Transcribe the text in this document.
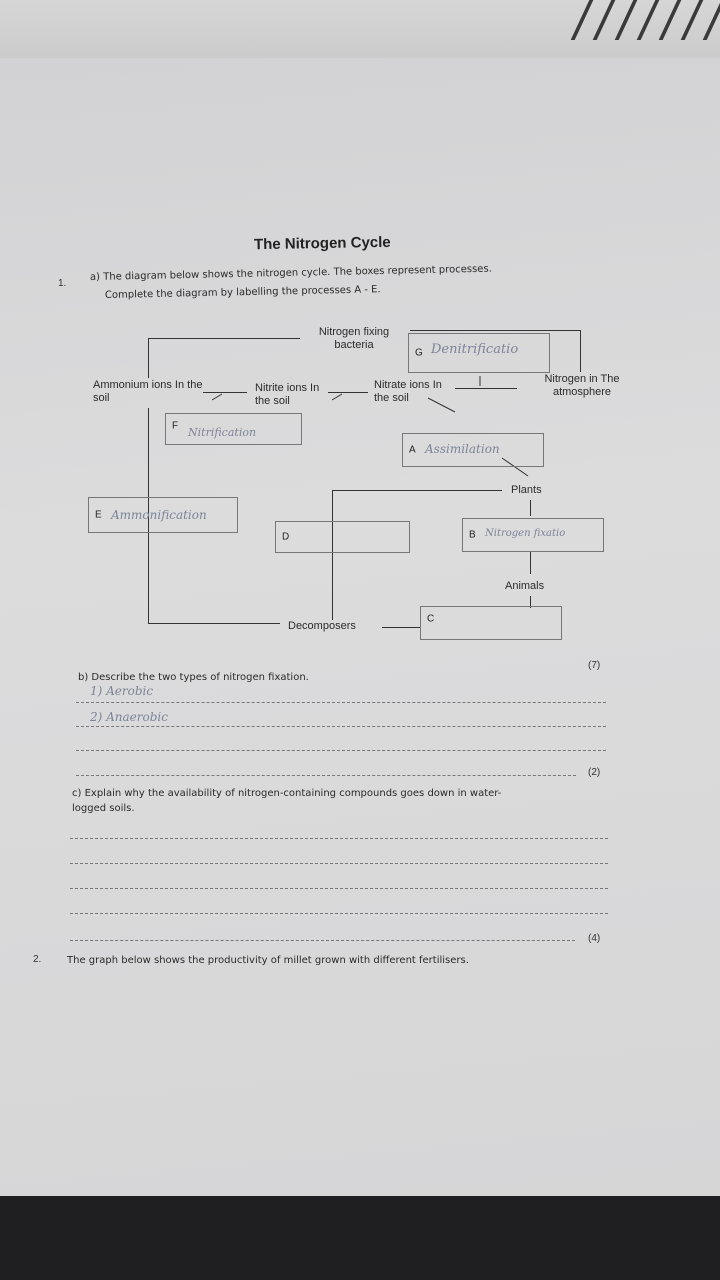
The Nitrogen Cycle
1.
a) The diagram below shows the nitrogen cycle. The boxes represent processes.
Complete the diagram by labelling the processes A - E.
Nitrogen fixing bacteria
Ammonium ions In the soil
Nitrite ions In the soil
Nitrate ions In the soil
Nitrogen in The atmosphere
Plants
Animals
Decomposers
G Denitrificatio
F Nitrification
A Assimilation
E Ammonification
D	B Nitrogen fixatio
C
(7)
b) Describe the two types of nitrogen fixation.
1) Aerobic
2) Anaerobic
(2)
c) Explain why the availability of nitrogen-containing compounds goes down in water-
logged soils.
(4)
2.	The graph below shows the productivity of millet grown with different fertilisers.
